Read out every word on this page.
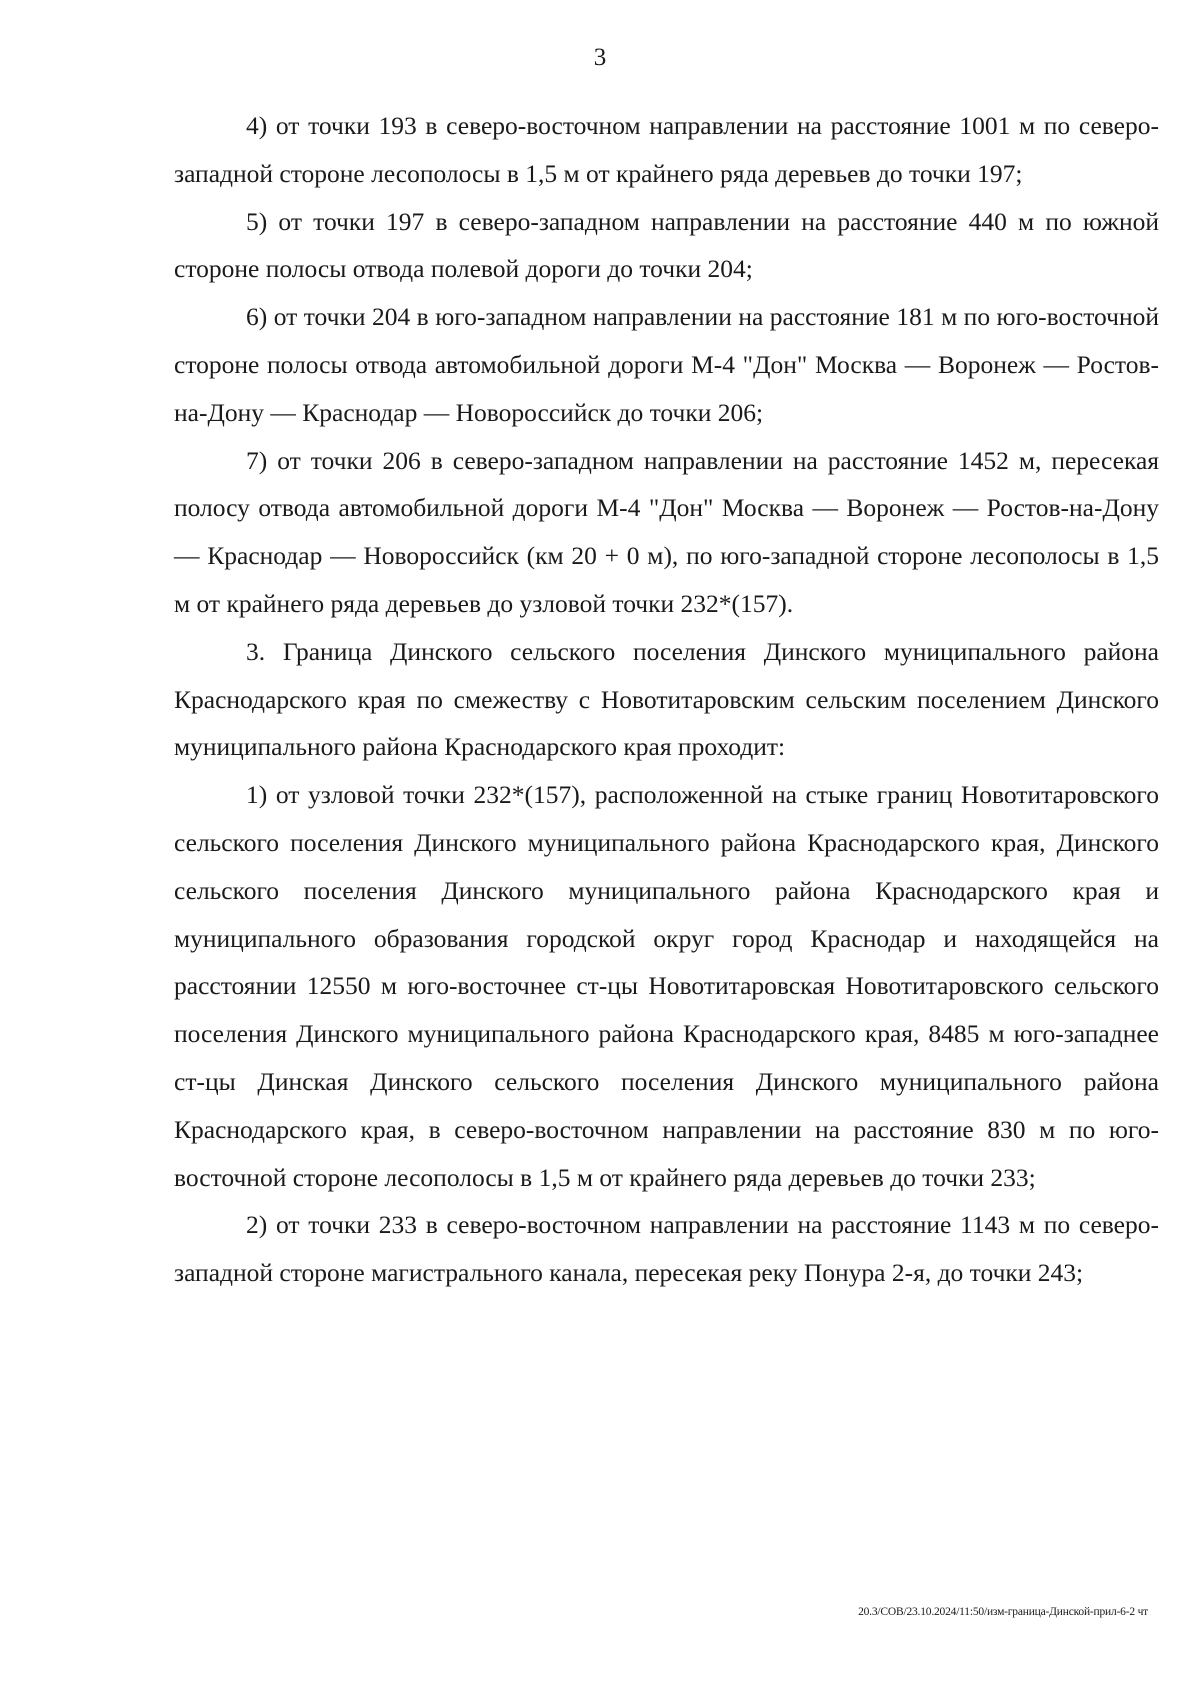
3

4) от точки 193 в северо-восточном направлении на расстояние 1001 м по северо-западной стороне лесополосы в 1,5 м от крайнего ряда деревьев до точки 197;

5) от точки 197 в северо-западном направлении на расстояние 440 м по южной стороне полосы отвода полевой дороги до точки 204;

6) от точки 204 в юго-западном направлении на расстояние 181 м по юго-восточной стороне полосы отвода автомобильной дороги М-4 "Дон" Москва — Воронеж — Ростов-на-Дону — Краснодар — Новороссийск до точки 206;

7) от точки 206 в северо-западном направлении на расстояние 1452 м, пересекая полосу отвода автомобильной дороги М-4 "Дон" Москва — Воронеж — Ростов-на-Дону — Краснодар — Новороссийск (км 20 + 0 м), по юго-западной стороне лесополосы в 1,5 м от крайнего ряда деревьев до узловой точки 232*(157).

3. Граница Динского сельского поселения Динского муниципального района Краснодарского края по смежеству с Новотитаровским сельским поселением Динского муниципального района Краснодарского края проходит:

1) от узловой точки 232*(157), расположенной на стыке границ Новотитаровского сельского поселения Динского муниципального района Краснодарского края, Динского сельского поселения Динского муниципального района Краснодарского края и муниципального образования городской округ город Краснодар и находящейся на расстоянии 12550 м юго-восточнее ст-цы Новотитаровская Новотитаровского сельского поселения Динского муниципального района Краснодарского края, 8485 м юго-западнее ст-цы Динская Динского сельского поселения Динского муниципального района Краснодарского края, в северо-восточном направлении на расстояние 830 м по юго-восточной стороне лесополосы в 1,5 м от крайнего ряда деревьев до точки 233;

2) от точки 233 в северо-восточном направлении на расстояние 1143 м по северо-западной стороне магистрального канала, пересекая реку Понура 2-я, до точки 243;

20.3/СОВ/23.10.2024/11:50/изм-граница-Динской-прил-6-2 чт
